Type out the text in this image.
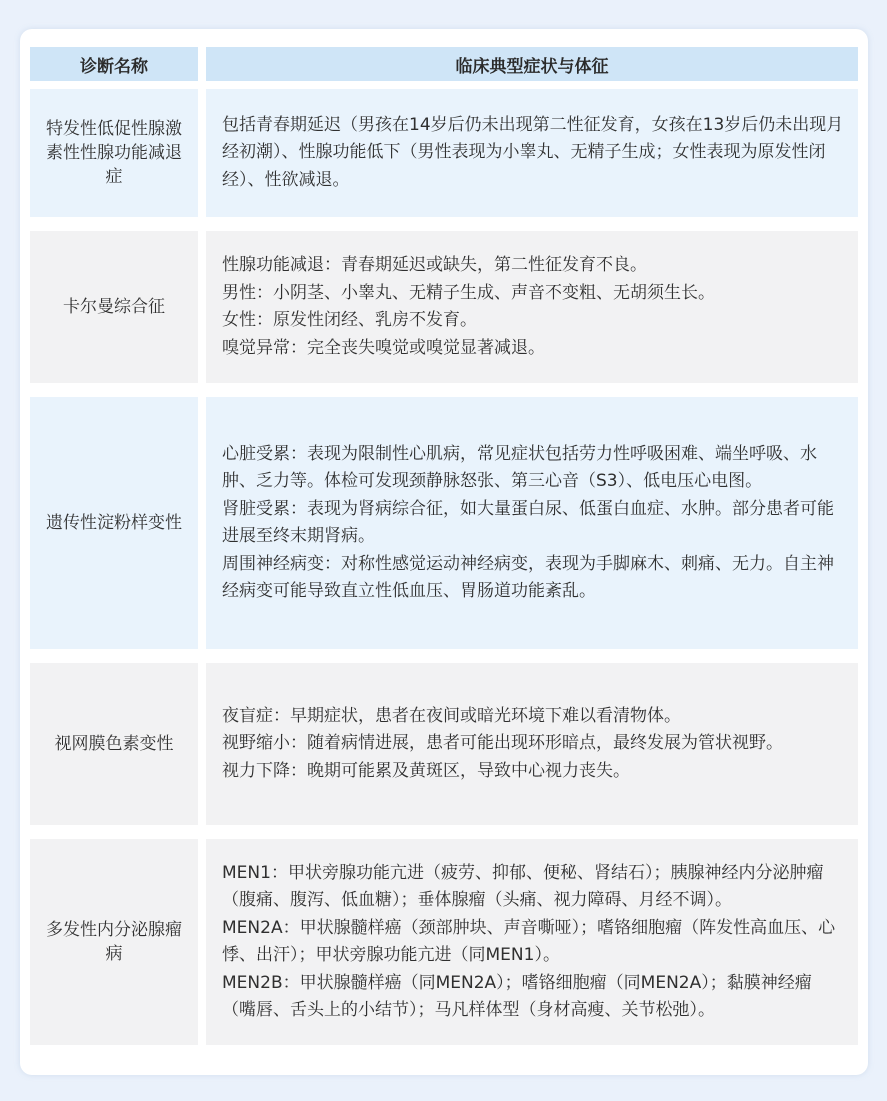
诊断名称	临床典型症状与体征
特发性低促性腺激素性性腺功能减退症
包括青春期延迟（男孩在14岁后仍未出现第二性征发育，女孩在13岁后仍未出现月经初潮）、性腺功能低下（男性表现为小睾丸、无精子生成；女性表现为原发性闭经）、性欲减退。
卡尔曼综合征
性腺功能减退：青春期延迟或缺失，第二性征发育不良。
男性：小阴茎、小睾丸、无精子生成、声音不变粗、无胡须生长。
女性：原发性闭经、乳房不发育。
嗅觉异常：完全丧失嗅觉或嗅觉显著减退。
遗传性淀粉样变性
心脏受累：表现为限制性心肌病，常见症状包括劳力性呼吸困难、端坐呼吸、水肿、乏力等。体检可发现颈静脉怒张、第三心音（S3）、低电压心电图。
肾脏受累：表现为肾病综合征，如大量蛋白尿、低蛋白血症、水肿。部分患者可能进展至终末期肾病。
周围神经病变：对称性感觉运动神经病变，表现为手脚麻木、刺痛、无力。自主神经病变可能导致直立性低血压、胃肠道功能紊乱。
视网膜色素变性
夜盲症：早期症状，患者在夜间或暗光环境下难以看清物体。
视野缩小：随着病情进展，患者可能出现环形暗点，最终发展为管状视野。
视力下降：晚期可能累及黄斑区，导致中心视力丧失。
多发性内分泌腺瘤病
MEN1：甲状旁腺功能亢进（疲劳、抑郁、便秘、肾结石）；胰腺神经内分泌肿瘤（腹痛、腹泻、低血糖）；垂体腺瘤（头痛、视力障碍、月经不调）。
MEN2A：甲状腺髓样癌（颈部肿块、声音嘶哑）；嗜铬细胞瘤（阵发性高血压、心悸、出汗）；甲状旁腺功能亢进（同MEN1）。
MEN2B：甲状腺髓样癌（同MEN2A）；嗜铬细胞瘤（同MEN2A）；黏膜神经瘤（嘴唇、舌头上的小结节）；马凡样体型（身材高瘦、关节松弛）。
